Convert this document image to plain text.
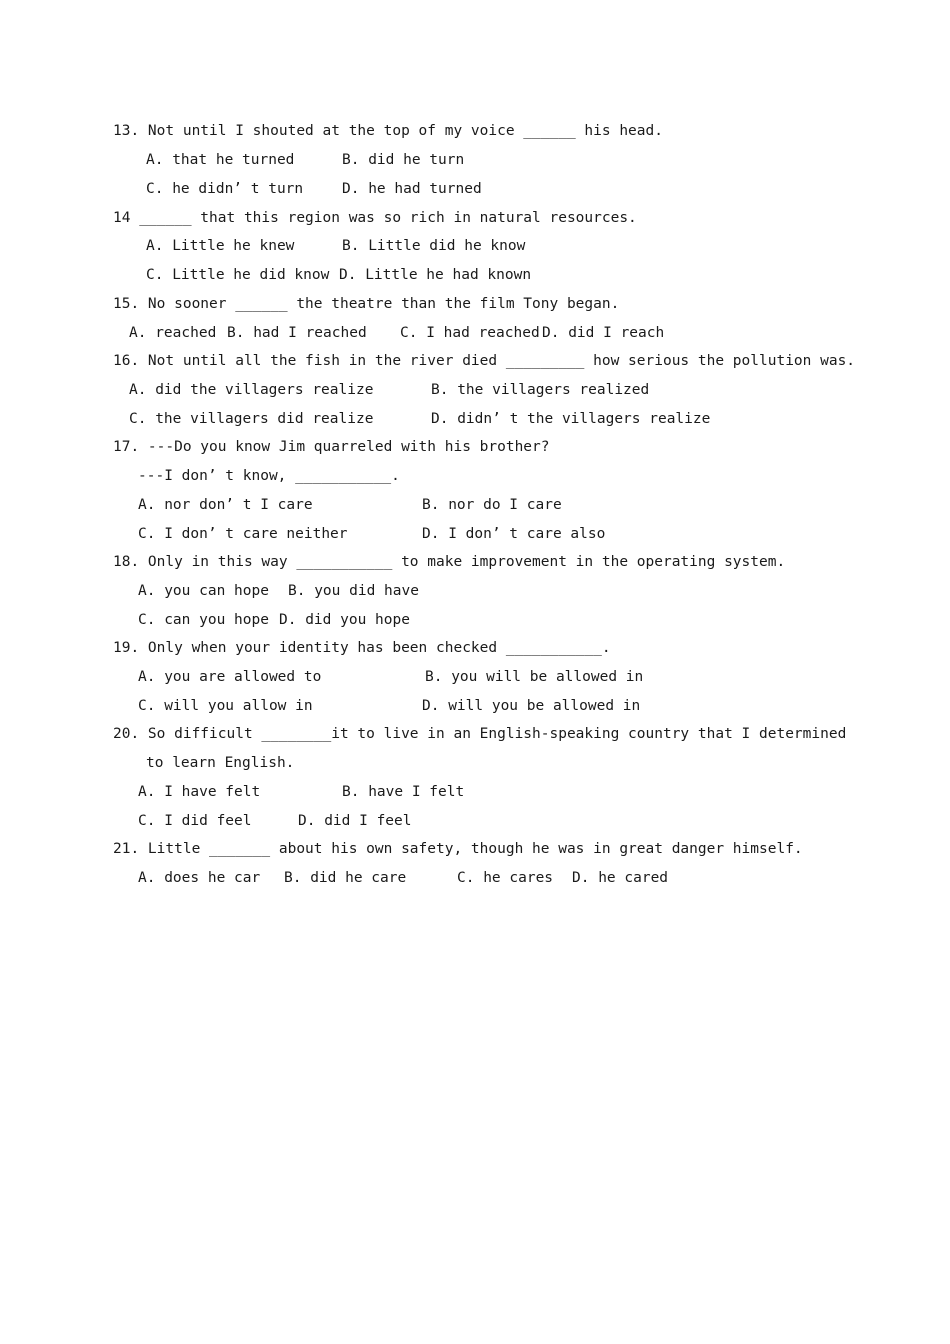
13. Not until I shouted at the top of my voice ______ his head.
A. that he turned	B. did he turn
C. he didn’ t turn	D. he had turned
14 ______ that this region was so rich in natural resources.
A. Little he knew	B. Little did he know
C. Little he did know D. Little he had known
15. No sooner ______ the theatre than the film Tony began.
A. reached B. had I reached C. I had reached D. did I reach
16. Not until all the fish in the river died _________ how serious the pollution was.
A. did the villagers realize	B. the villagers realized
C. the villagers did realize	D. didn’ t the villagers realize
17. ---Do you know Jim quarreled with his brother?
---I don’ t know, ___________.
A. nor don’ t I care	B. nor do I care
C. I don’ t care neither	D. I don’ t care also
18. Only in this way ___________ to make improvement in the operating system.
A. you can hope B. you did have
C. can you hope D. did you hope
19. Only when your identity has been checked ___________.
A. you are allowed to	B. you will be allowed in
C. will you allow in	D. will you be allowed in
20. So difficult ________it to live in an English-speaking country that I determined
to learn English.
A. I have felt	B. have I felt
C. I did feel	D. did I feel
21. Little _______ about his own safety, though he was in great danger himself.
A. does he car B. did he care	C. he cares D. he cared
